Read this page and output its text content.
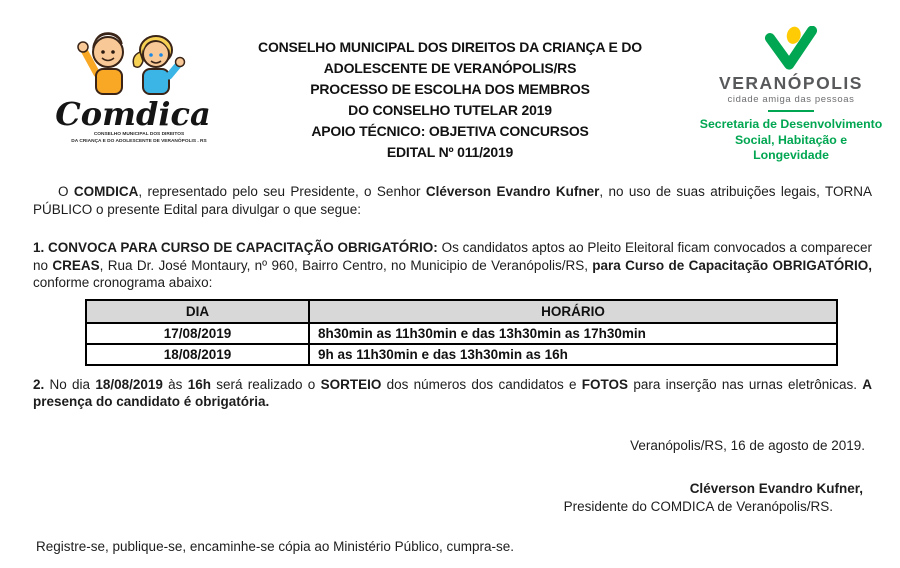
Comdica
CONSELHO MUNICIPAL DOS DIREITOS
DA CRIANÇA E DO ADOLESCENTE DE VERANÓPOLIS . RS
CONSELHO MUNICIPAL DOS DIREITOS DA CRIANÇA E DO
ADOLESCENTE DE VERANÓPOLIS/RS
PROCESSO DE ESCOLHA DOS MEMBROS
DO CONSELHO TUTELAR 2019
APOIO TÉCNICO: OBJETIVA CONCURSOS
EDITAL Nº 011/2019
VERANÓPOLIS
cidade amiga das pessoas
Secretaria de Desenvolvimento
Social, Habitação e Longevidade

O COMDICA, representado pelo seu Presidente, o Senhor Cléverson Evandro Kufner, no uso de suas atribuições legais, TORNA PÚBLICO o presente Edital para divulgar o que segue:

1. CONVOCA PARA CURSO DE CAPACITAÇÃO OBRIGATÓRIO: Os candidatos aptos ao Pleito Eleitoral ficam convocados a comparecer no CREAS, Rua Dr. José Montaury, nº 960, Bairro Centro, no Municipio de Veranópolis/RS, para Curso de Capacitação OBRIGATÓRIO, conforme cronograma abaixo:

DIA	HORÁRIO
17/08/2019	8h30min as 11h30min e das 13h30min as 17h30min
18/08/2019	9h as 11h30min e das 13h30min as 16h

2. No dia 18/08/2019 às 16h será realizado o SORTEIO dos números dos candidatos e FOTOS para inserção nas urnas eletrônicas. A presença do candidato é obrigatória.

Veranópolis/RS, 16 de agosto de 2019.

Cléverson Evandro Kufner,
Presidente do COMDICA de Veranópolis/RS.

Registre-se, publique-se, encaminhe-se cópia ao Ministério Público, cumpra-se.
